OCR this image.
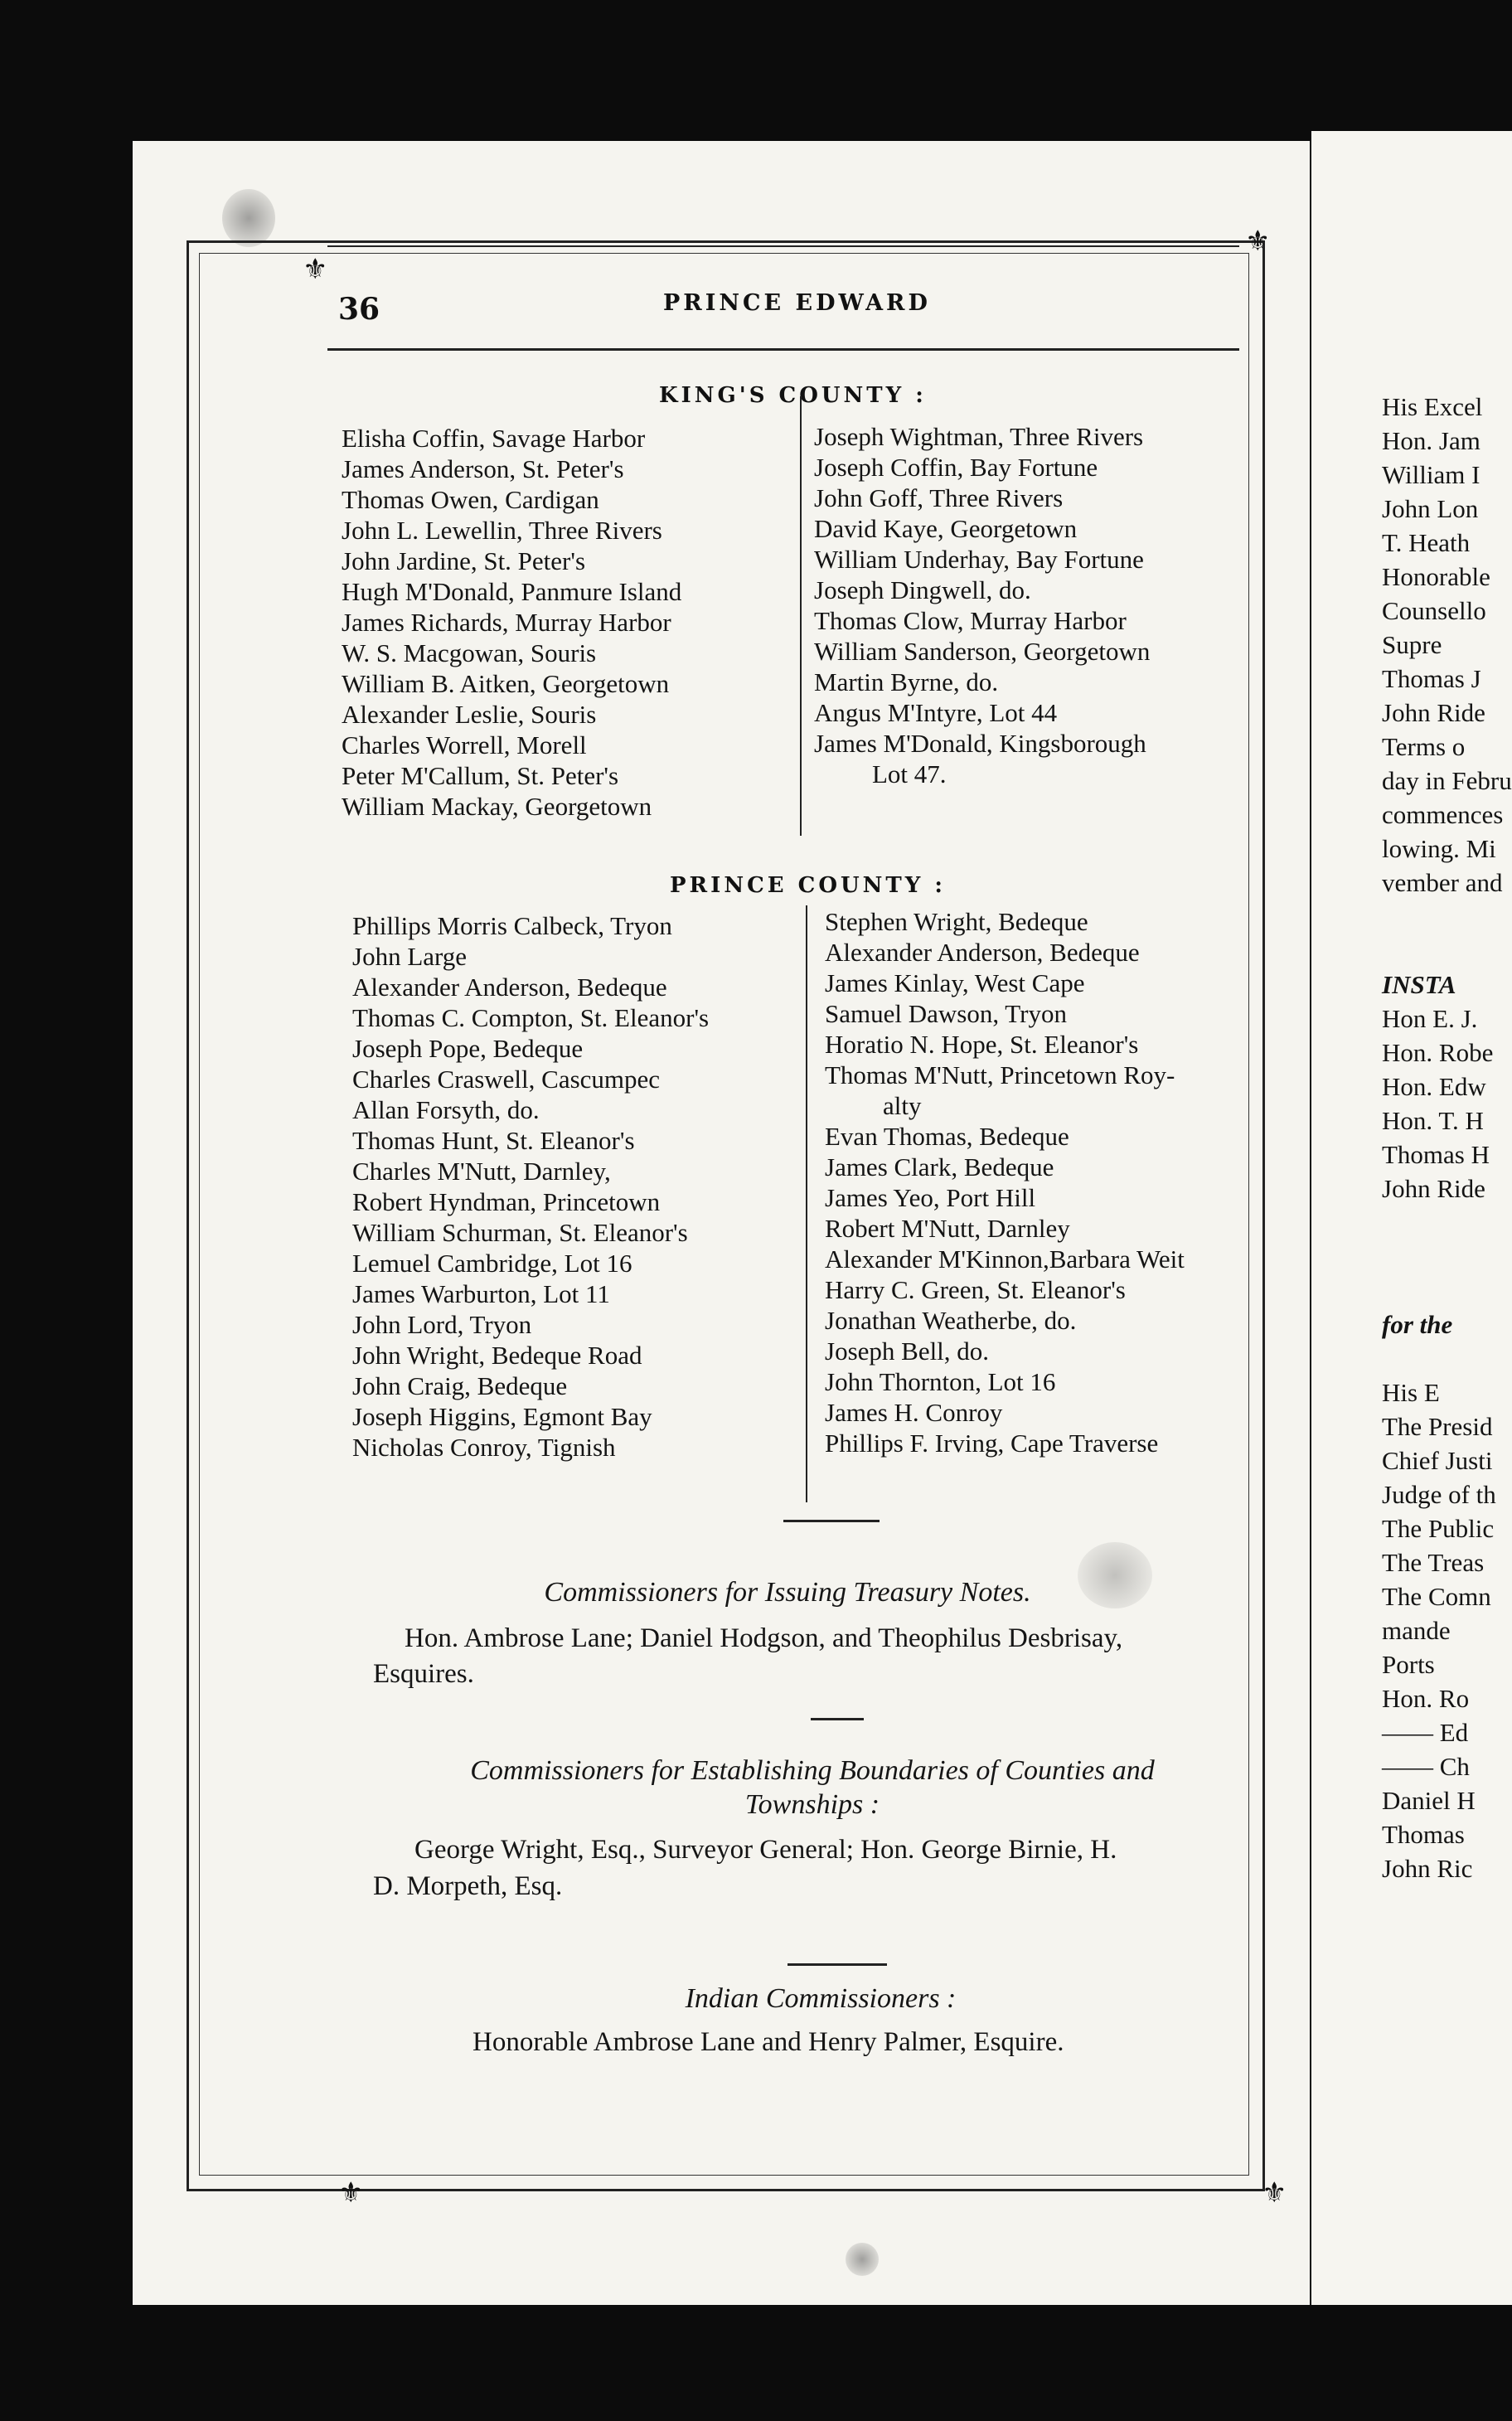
His Excel
Hon. Jam
William I
John Lon
T. Heath
Honorable
Counsello
Supre
Thomas J
John Ride
Terms o
day in Febru
commences
lowing. Mi
vember and
INSTA
Hon E. J.
Hon. Robe
Hon. Edw
Hon. T. H
Thomas H
John Ride
for the
His E
The Presid
Chief Justi
Judge of th
The Public
The Treas
The Comn
mande
Ports
Hon. Ro
—— Ed
—— Ch
Daniel H
Thomas
John Ric
⚜
⚜
⚜	⚜
36	PRINCE EDWARD
KING'S COUNTY :
Elisha Coffin, Savage Harbor
James Anderson, St. Peter's
Thomas Owen, Cardigan
John L. Lewellin, Three Rivers
John Jardine, St. Peter's
Hugh M'Donald, Panmure Island
James Richards, Murray Harbor
W. S. Macgowan, Souris
William B. Aitken, Georgetown
Alexander Leslie, Souris
Charles Worrell, Morell
Peter M'Callum, St. Peter's
William Mackay, Georgetown
Joseph Wightman, Three Rivers
Joseph Coffin, Bay Fortune
John Goff, Three Rivers
David Kaye, Georgetown
William Underhay, Bay Fortune
Joseph Dingwell, do.
Thomas Clow, Murray Harbor
William Sanderson, Georgetown
Martin Byrne, do.
Angus M'Intyre, Lot 44
James M'Donald, Kingsborough
Lot 47.
PRINCE COUNTY :
Phillips Morris Calbeck, Tryon
John Large
Alexander Anderson, Bedeque
Thomas C. Compton, St. Eleanor's
Joseph Pope, Bedeque
Charles Craswell, Cascumpec
Allan Forsyth, do.
Thomas Hunt, St. Eleanor's
Charles M'Nutt, Darnley,
Robert Hyndman, Princetown
William Schurman, St. Eleanor's
Lemuel Cambridge, Lot 16
James Warburton, Lot 11
John Lord, Tryon
John Wright, Bedeque Road
John Craig, Bedeque
Joseph Higgins, Egmont Bay
Nicholas Conroy, Tignish
Stephen Wright, Bedeque
Alexander Anderson, Bedeque
James Kinlay, West Cape
Samuel Dawson, Tryon
Horatio N. Hope, St. Eleanor's
Thomas M'Nutt, Princetown Roy-
alty
Evan Thomas, Bedeque
James Clark, Bedeque
James Yeo, Port Hill
Robert M'Nutt, Darnley
Alexander M'Kinnon,Barbara Weit
Harry C. Green, St. Eleanor's
Jonathan Weatherbe, do.
Joseph Bell, do.
John Thornton, Lot 16
James H. Conroy
Phillips F. Irving, Cape Traverse
Commissioners for Issuing Treasury Notes.
Hon. Ambrose Lane; Daniel Hodgson, and Theophilus Desbrisay,
Esquires.
Commissioners for Establishing Boundaries of Counties and
Townships :
George Wright, Esq., Surveyor General; Hon. George Birnie, H.
D. Morpeth, Esq.
Indian Commissioners :
Honorable Ambrose Lane and Henry Palmer, Esquire.
